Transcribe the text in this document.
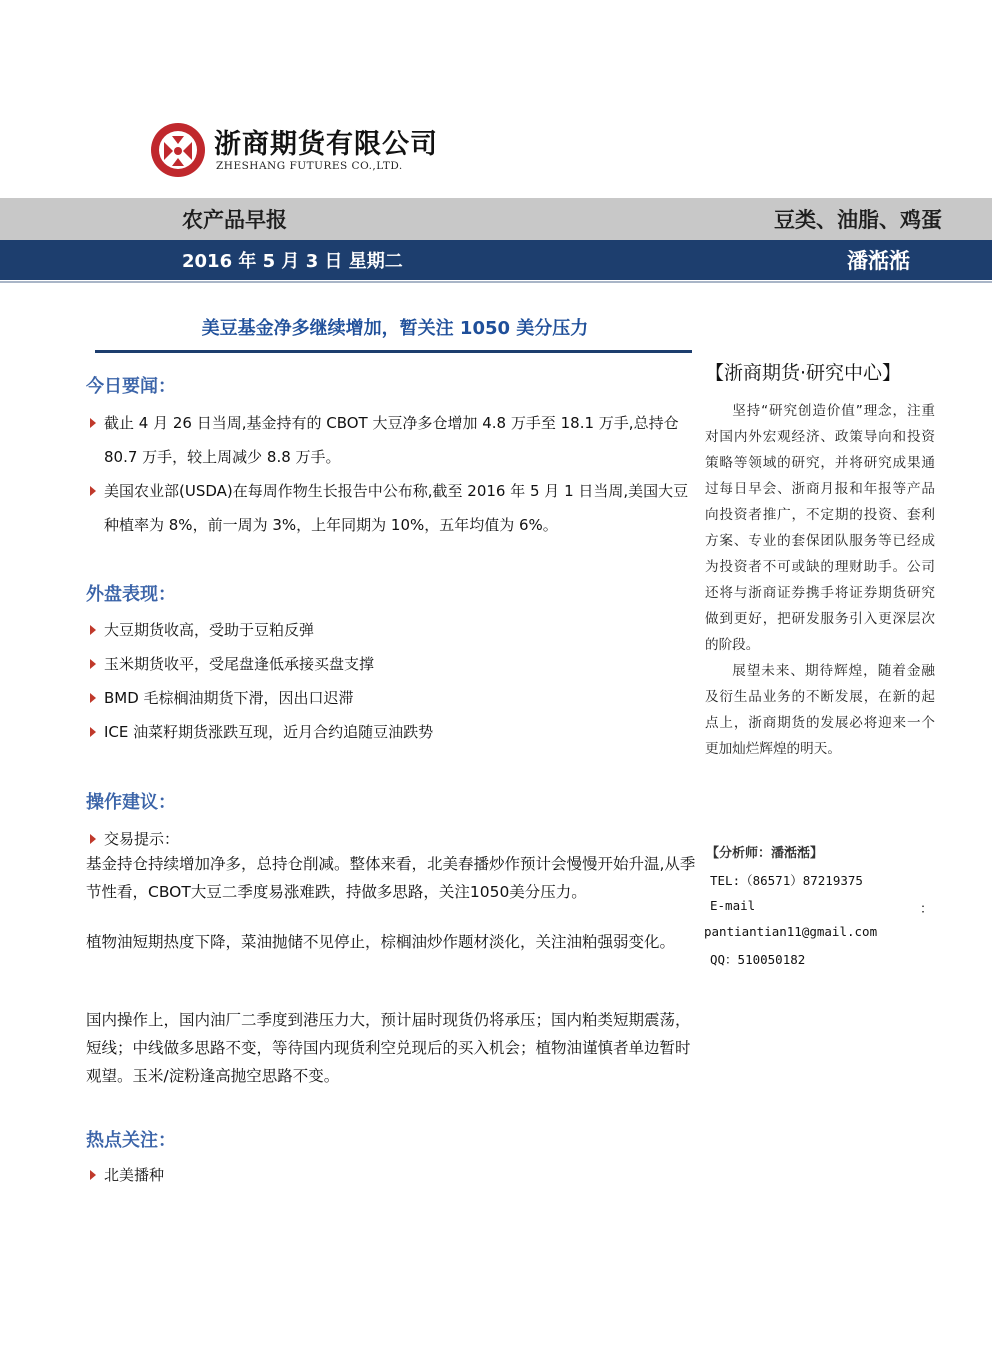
浙商期货有限公司
ZHESHANG FUTURES CO.,LTD.
农产品早报	豆类、油脂、鸡蛋
2016 年 5 月 3 日 星期二	潘湉湉
美豆基金净多继续增加，暂关注 1050 美分压力
今日要闻：
截止 4 月 26 日当周,基金持有的 CBOT 大豆净多仓增加 4.8 万手至 18.1 万手,总持仓 80.7 万手，较上周减少 8.8 万手。
美国农业部(USDA)在每周作物生长报告中公布称,截至 2016 年 5 月 1 日当周,美国大豆种植率为 8%，前一周为 3%，上年同期为 10%，五年均值为 6%。
外盘表现：
大豆期货收高，受助于豆粕反弹
玉米期货收平，受尾盘逢低承接买盘支撑
BMD 毛棕榈油期货下滑，因出口迟滞
ICE 油菜籽期货涨跌互现，近月合约追随豆油跌势
操作建议：
交易提示：
基金持仓持续增加净多，总持仓削减。整体来看，北美春播炒作预计会慢慢开始升温,从季节性看，CBOT大豆二季度易涨难跌，持做多思路，关注1050美分压力。
植物油短期热度下降，菜油抛储不见停止，棕榈油炒作题材淡化，关注油粕强弱变化。
国内操作上，国内油厂二季度到港压力大，预计届时现货仍将承压；国内粕类短期震荡，短线；中线做多思路不变，等待国内现货利空兑现后的买入机会；植物油谨慎者单边暂时观望。玉米/淀粉逢高抛空思路不变。
热点关注：
北美播种
【浙商期货·研究中心】

坚持“研究创造价值”理念，注重对国内外宏观经济、政策导向和投资策略等领域的研究，并将研究成果通过每日早会、浙商月报和年报等产品向投资者推广，不定期的投资、套利方案、专业的套保团队服务等已经成为投资者不可或缺的理财助手。公司还将与浙商证券携手将证券期货研究做到更好，把研发服务引入更深层次的阶段。

展望未来、期待辉煌，随着金融及衍生品业务的不断发展，在新的起点上，浙商期货的发展必将迎来一个更加灿烂辉煌的明天。

【分析师：潘湉湉】
TEL:（86571）87219375
E-mail	：
pantiantian11@gmail.com
QQ：510050182
